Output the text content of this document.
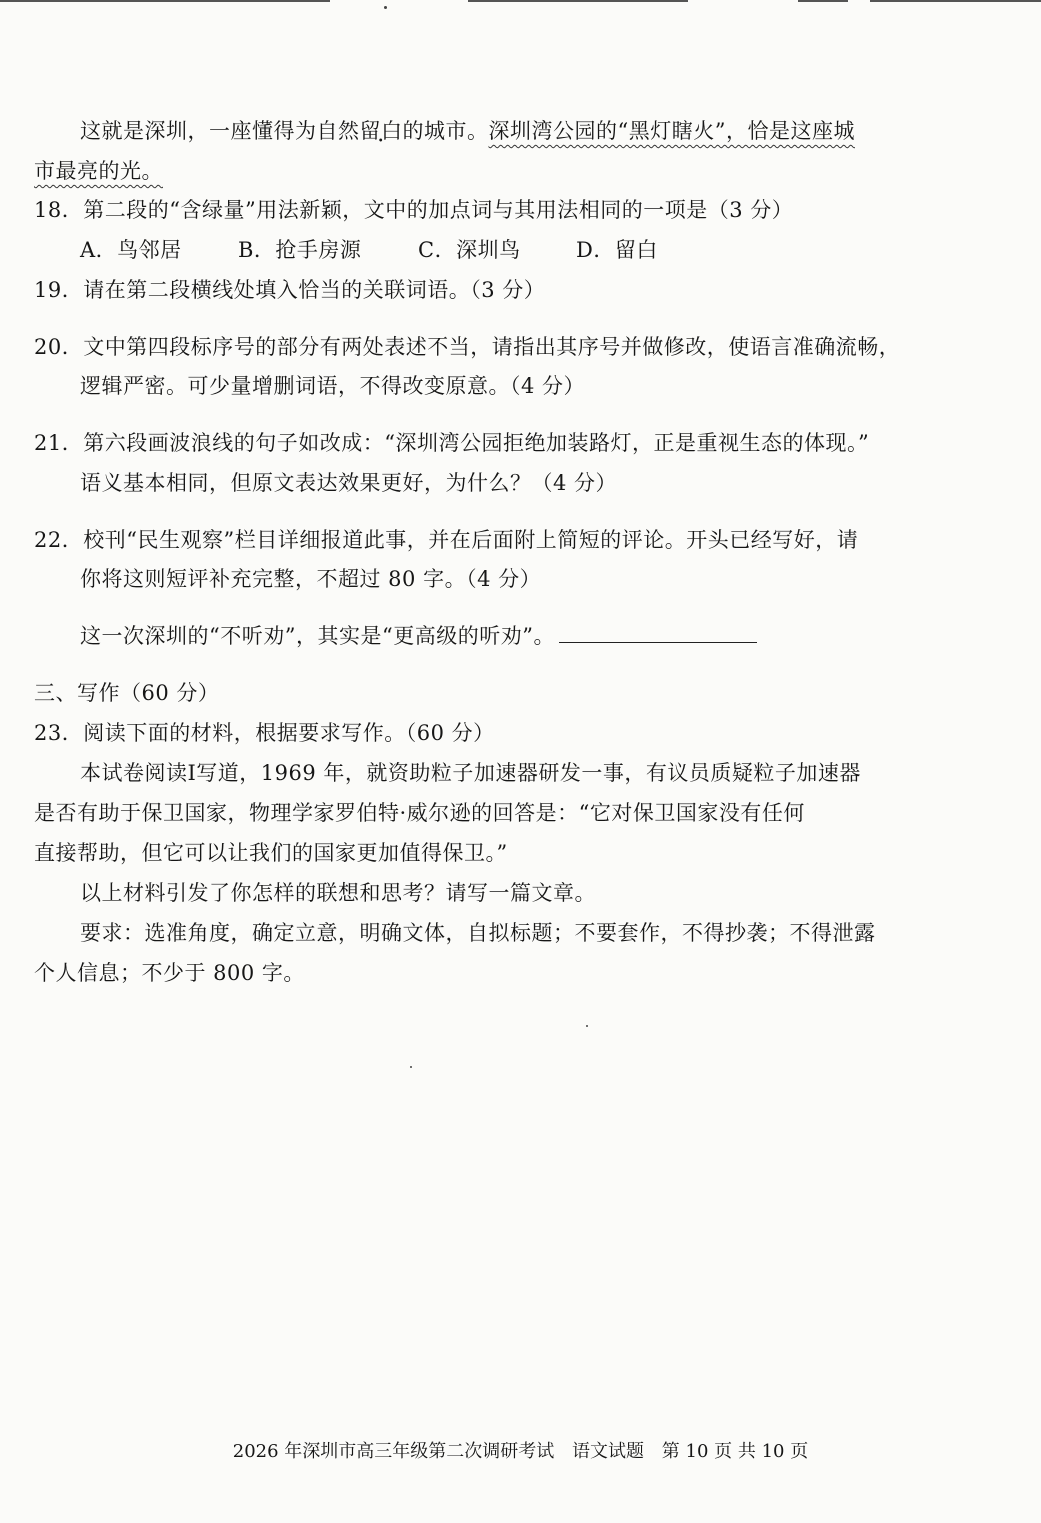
这就是深圳，一座懂得为自然留白的城市。深圳湾公园的“黑灯瞎火”，恰是这座城
市最亮的光。
18．第二段的“含绿量”用法新颖，文中的加点词与其用法相同的一项是（3 分）
A．鸟邻居	B．抢手房源	C．深圳鸟	D．留白
19．请在第二段横线处填入恰当的关联词语。（3 分）
20．文中第四段标序号的部分有两处表述不当，请指出其序号并做修改，使语言准确流畅，
逻辑严密。可少量增删词语，不得改变原意。（4 分）
21．第六段画波浪线的句子如改成：“深圳湾公园拒绝加装路灯，正是重视生态的体现。”
语义基本相同，但原文表达效果更好，为什么？（4 分）
22．校刊“民生观察”栏目详细报道此事，并在后面附上简短的评论。开头已经写好，请
你将这则短评补充完整，不超过 80 字。（4 分）
这一次深圳的“不听劝”，其实是“更高级的听劝”。
三、写作（60 分）
23．阅读下面的材料，根据要求写作。（60 分）
本试卷阅读Ⅰ写道，1969 年，就资助粒子加速器研发一事，有议员质疑粒子加速器
是否有助于保卫国家，物理学家罗伯特·威尔逊的回答是：“它对保卫国家没有任何
直接帮助，但它可以让我们的国家更加值得保卫。”
以上材料引发了你怎样的联想和思考？请写一篇文章。
要求：选准角度，确定立意，明确文体，自拟标题；不要套作，不得抄袭；不得泄露
个人信息；不少于 800 字。
2026 年深圳市高三年级第二次调研考试 语文试题 第 10 页 共 10 页
